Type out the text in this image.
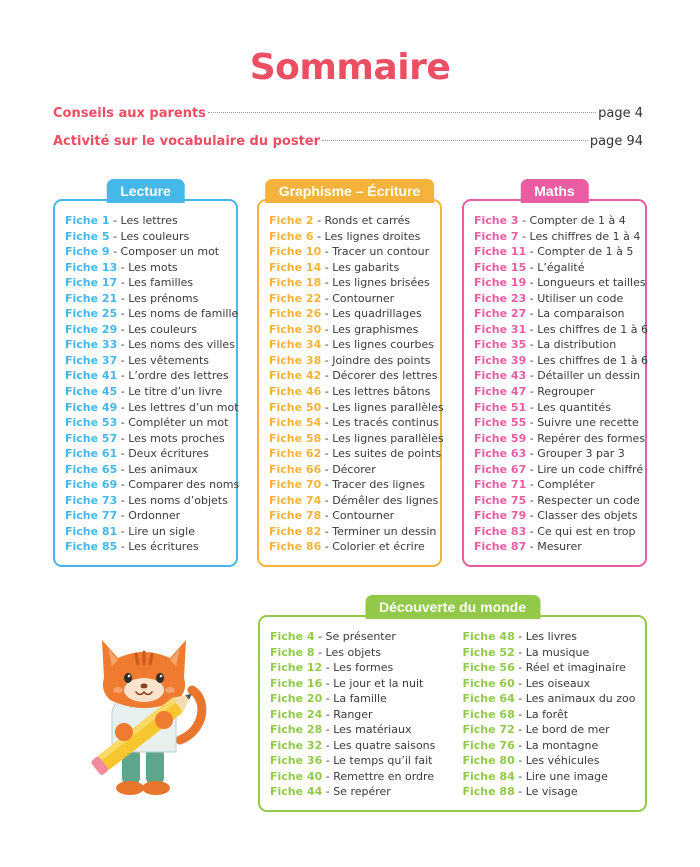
Sommaire
Conseils aux parents	page 4
Activité sur le vocabulaire du poster	page 94
Lecture
Fiche 1 - Les lettres
Fiche 5 - Les couleurs
Fiche 9 - Composer un mot
Fiche 13 - Les mots
Fiche 17 - Les familles
Fiche 21 - Les prénoms
Fiche 25 - Les noms de famille
Fiche 29 - Les couleurs
Fiche 33 - Les noms des villes
Fiche 37 - Les vêtements
Fiche 41 - L’ordre des lettres
Fiche 45 - Le titre d’un livre
Fiche 49 - Les lettres d’un mot
Fiche 53 - Compléter un mot
Fiche 57 - Les mots proches
Fiche 61 - Deux écritures
Fiche 65 - Les animaux
Fiche 69 - Comparer des noms
Fiche 73 - Les noms d’objets
Fiche 77 - Ordonner
Fiche 81 - Lire un sigle
Fiche 85 - Les écritures
Graphisme – Écriture
Fiche 2 - Ronds et carrés
Fiche 6 - Les lignes droites
Fiche 10 - Tracer un contour
Fiche 14 - Les gabarits
Fiche 18 - Les lignes brisées
Fiche 22 - Contourner
Fiche 26 - Les quadrillages
Fiche 30 - Les graphismes
Fiche 34 - Les lignes courbes
Fiche 38 - Joindre des points
Fiche 42 - Décorer des lettres
Fiche 46 - Les lettres bâtons
Fiche 50 - Les lignes parallèles
Fiche 54 - Les tracés continus
Fiche 58 - Les lignes parallèles
Fiche 62 - Les suites de points
Fiche 66 - Décorer
Fiche 70 - Tracer des lignes
Fiche 74 - Démêler des lignes
Fiche 78 - Contourner
Fiche 82 - Terminer un dessin
Fiche 86 - Colorier et écrire
Maths
Fiche 3 - Compter de 1 à 4
Fiche 7 - Les chiffres de 1 à 4
Fiche 11 - Compter de 1 à 5
Fiche 15 - L’égalité
Fiche 19 - Longueurs et tailles
Fiche 23 - Utiliser un code
Fiche 27 - La comparaison
Fiche 31 - Les chiffres de 1 à 6
Fiche 35 - La distribution
Fiche 39 - Les chiffres de 1 à 6
Fiche 43 - Détailler un dessin
Fiche 47 - Regrouper
Fiche 51 - Les quantités
Fiche 55 - Suivre une recette
Fiche 59 - Repérer des formes
Fiche 63 - Grouper 3 par 3
Fiche 67 - Lire un code chiffré
Fiche 71 - Compléter
Fiche 75 - Respecter un code
Fiche 79 - Classer des objets
Fiche 83 - Ce qui est en trop
Fiche 87 - Mesurer
Découverte du monde
Fiche 4 - Se présenter
Fiche 8 - Les objets
Fiche 12 - Les formes
Fiche 16 - Le jour et la nuit
Fiche 20 - La famille
Fiche 24 - Ranger
Fiche 28 - Les matériaux
Fiche 32 - Les quatre saisons
Fiche 36 - Le temps qu’il fait
Fiche 40 - Remettre en ordre
Fiche 44 - Se repérer
Fiche 48 - Les livres
Fiche 52 - La musique
Fiche 56 - Réel et imaginaire
Fiche 60 - Les oiseaux
Fiche 64 - Les animaux du zoo
Fiche 68 - La forêt
Fiche 72 - Le bord de mer
Fiche 76 - La montagne
Fiche 80 - Les véhicules
Fiche 84 - Lire une image
Fiche 88 - Le visage
